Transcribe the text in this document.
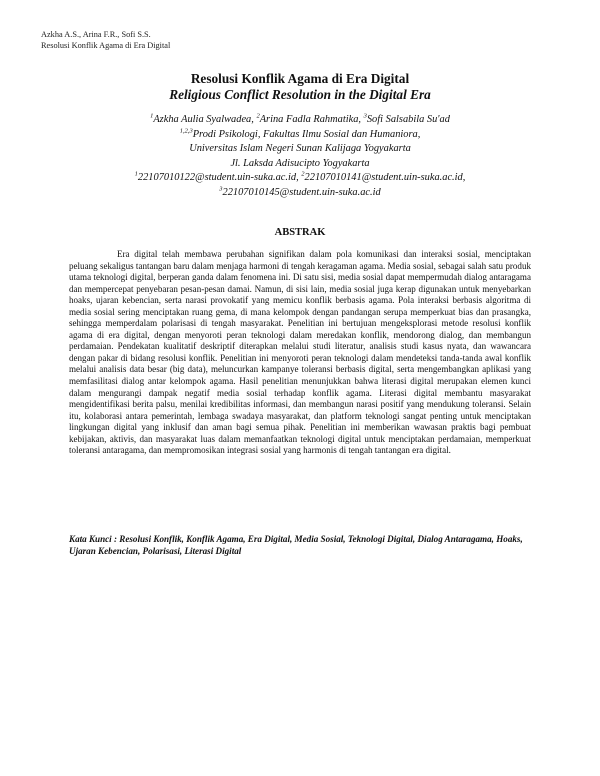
Azkha A.S., Arina F.R., Sofi S.S.
Resolusi Konflik Agama di Era Digital
Resolusi Konflik Agama di Era Digital
Religious Conflict Resolution in the Digital Era
$^1$Azkha Aulia Syalwadea, $^2$Arina Fadla Rahmatika, $^3$Sofi Salsabila Su'ad
$^{1,2,3}$Prodi Psikologi, Fakultas Ilmu Sosial dan Humaniora,
Universitas Islam Negeri Sunan Kalijaga Yogyakarta
Jl. Laksda Adisucipto Yogyakarta
$^1$22107010122@student.uin-suka.ac.id, $^2$22107010141@student.uin-suka.ac.id,
$^3$22107010145@student.uin-suka.ac.id
ABSTRAK

Era digital telah membawa perubahan signifikan dalam pola komunikasi dan interaksi sosial, menciptakan peluang sekaligus tantangan baru dalam menjaga harmoni di tengah keragaman agama. Media sosial, sebagai salah satu produk utama teknologi digital, berperan ganda dalam fenomena ini. Di satu sisi, media sosial dapat mempermudah dialog antaragama dan mempercepat penyebaran pesan-pesan damai. Namun, di sisi lain, media sosial juga kerap digunakan untuk menyebarkan hoaks, ujaran kebencian, serta narasi provokatif yang memicu konflik berbasis agama. Pola interaksi berbasis algoritma di media sosial sering menciptakan ruang gema, di mana kelompok dengan pandangan serupa memperkuat bias dan prasangka, sehingga memperdalam polarisasi di tengah masyarakat. Penelitian ini bertujuan mengeksplorasi metode resolusi konflik agama di era digital, dengan menyoroti peran teknologi dalam meredakan konflik, mendorong dialog, dan membangun perdamaian. Pendekatan kualitatif deskriptif diterapkan melalui studi literatur, analisis studi kasus nyata, dan wawancara dengan pakar di bidang resolusi konflik. Penelitian ini menyoroti peran teknologi dalam mendeteksi tanda-tanda awal konflik melalui analisis data besar (big data), meluncurkan kampanye toleransi berbasis digital, serta mengembangkan aplikasi yang memfasilitasi dialog antar kelompok agama. Hasil penelitian menunjukkan bahwa literasi digital merupakan elemen kunci dalam mengurangi dampak negatif media sosial terhadap konflik agama. Literasi digital membantu masyarakat mengidentifikasi berita palsu, menilai kredibilitas informasi, dan membangun narasi positif yang mendukung toleransi. Selain itu, kolaborasi antara pemerintah, lembaga swadaya masyarakat, dan platform teknologi sangat penting untuk menciptakan lingkungan digital yang inklusif dan aman bagi semua pihak. Penelitian ini memberikan wawasan praktis bagi pembuat kebijakan, aktivis, dan masyarakat luas dalam memanfaatkan teknologi digital untuk menciptakan perdamaian, memperkuat toleransi antaragama, dan mempromosikan integrasi sosial yang harmonis di tengah tantangan era digital.

Kata Kunci : Resolusi Konflik, Konflik Agama, Era Digital, Media Sosial, Teknologi Digital, Dialog Antaragama, Hoaks, Ujaran Kebencian, Polarisasi, Literasi Digital
